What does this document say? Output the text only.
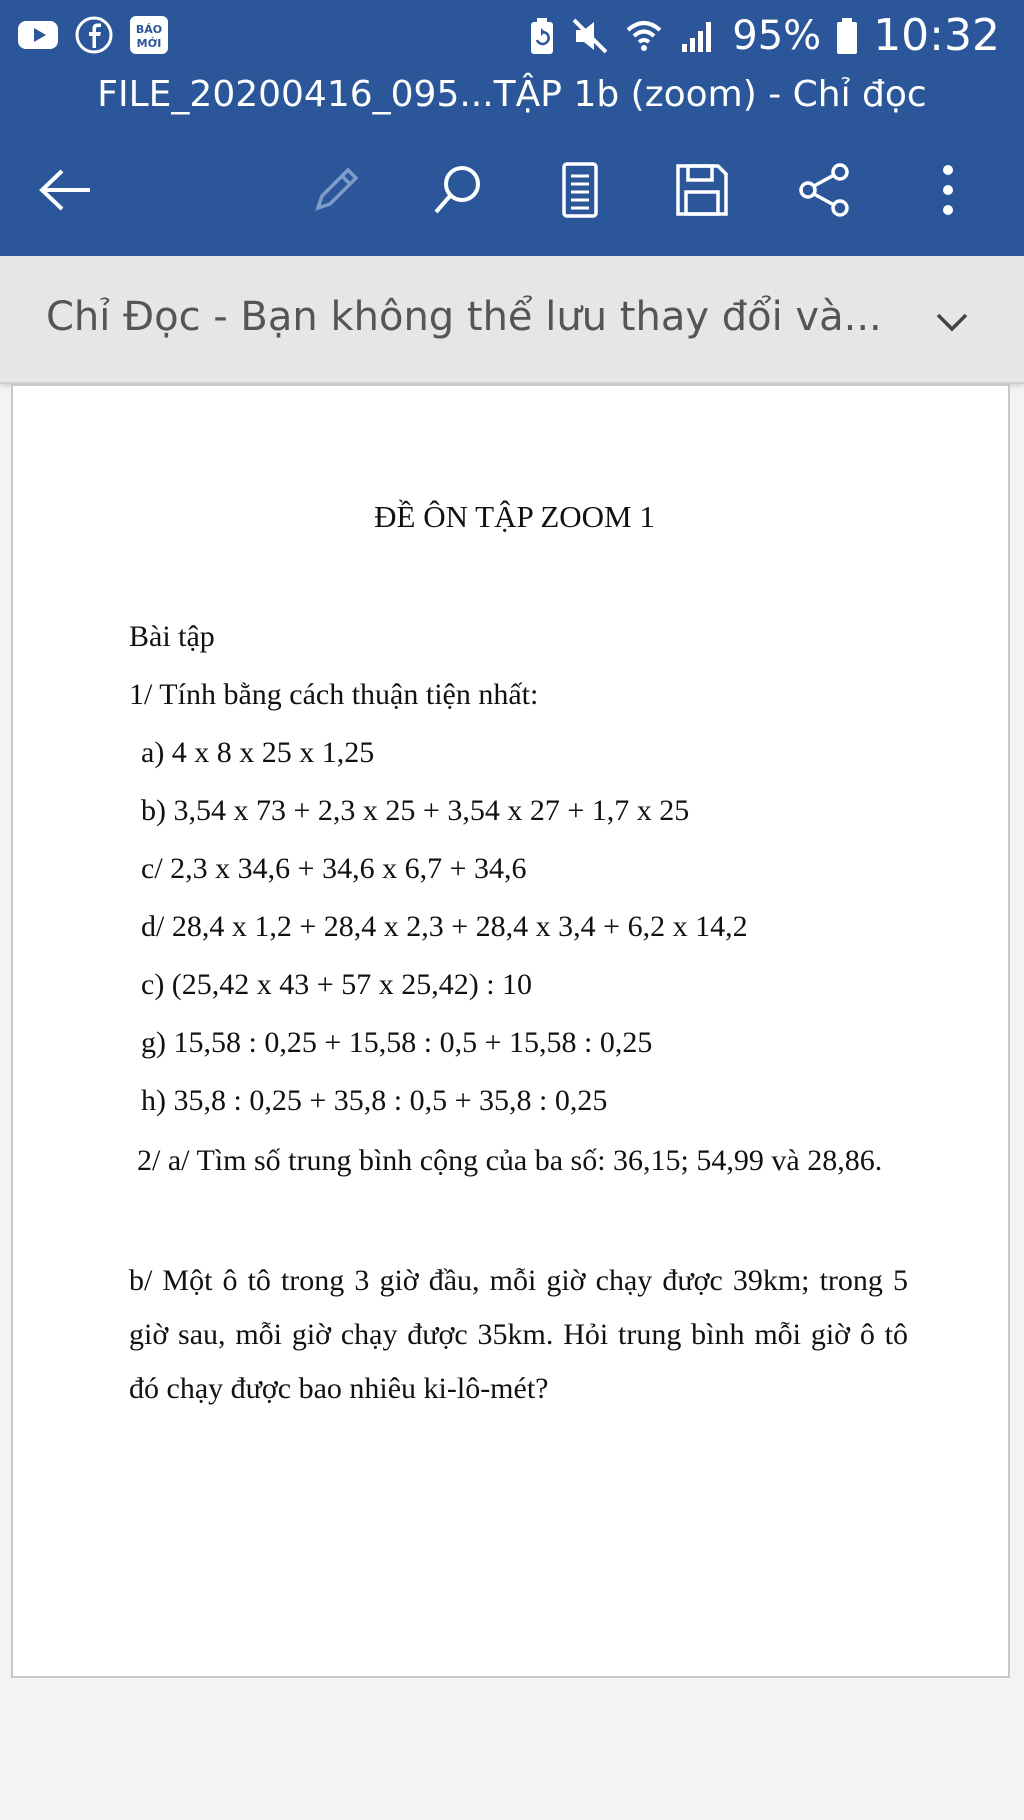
BÁO
MỚI	95% 10:32
FILE_20200416_095...TẬP 1b (zoom) - Chỉ đọc
Chỉ Đọc - Bạn không thể lưu thay đổi và...
ĐỀ ÔN TẬP ZOOM 1
Bài tập
1/ Tính bằng cách thuận tiện nhất:
a) 4 x 8 x 25 x 1,25
b) 3,54 x 73 + 2,3 x 25 + 3,54 x 27 + 1,7 x 25
c/ 2,3 x 34,6 + 34,6 x 6,7 + 34,6
d/ 28,4 x 1,2 + 28,4 x 2,3 + 28,4 x 3,4 + 6,2 x 14,2
c) (25,42 x 43 + 57 x 25,42) : 10
g) 15,58 : 0,25 + 15,58 : 0,5 + 15,58 : 0,25
h) 35,8 : 0,25 + 35,8 : 0,5 + 35,8 : 0,25
2/ a/ Tìm số trung bình cộng của ba số: 36,15; 54,99 và 28,86.
b/ Một ô tô trong 3 giờ đầu, mỗi giờ chạy được 39km; trong 5 giờ sau, mỗi giờ chạy được 35km. Hỏi trung bình mỗi giờ ô tô đó chạy được bao nhiêu ki-lô-mét?
